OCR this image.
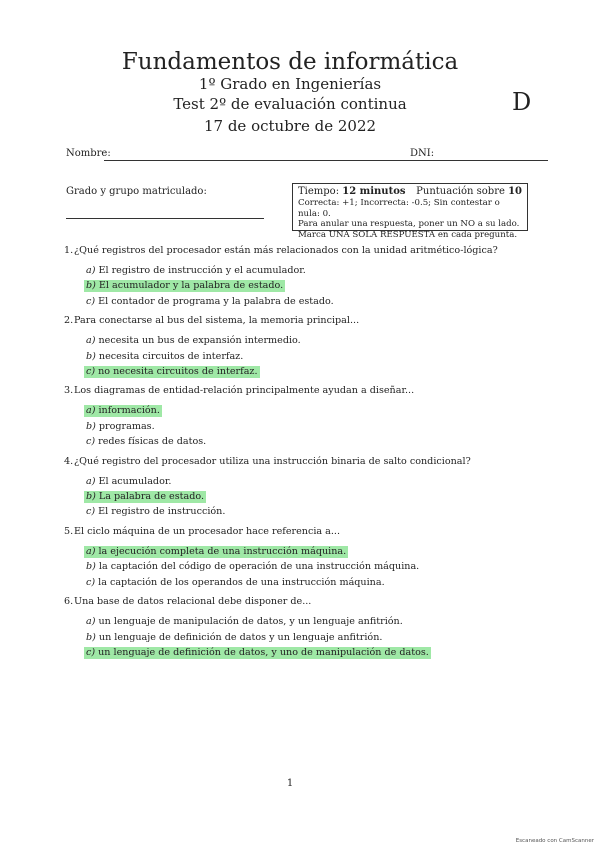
Fundamentos de informática
1º Grado en Ingenierías
Test 2º de evaluación continua
17 de octubre de 2022
D
Nombre:	DNI:
Grado y grupo matriculado:	Tiempo: 12 minutos Puntuación sobre 10
Correcta: +1; Incorrecta: -0.5; Sin contestar o nula: 0.
Para anular una respuesta, poner un NO a su lado.
Marca UNA SOLA RESPUESTA en cada pregunta.
1. ¿Qué registros del procesador están más relacionados con la unidad aritmético-lógica?
a) El registro de instrucción y el acumulador.
b) El acumulador y la palabra de estado.
c) El contador de programa y la palabra de estado.
2. Para conectarse al bus del sistema, la memoria principal...
a) necesita un bus de expansión intermedio.
b) necesita circuitos de interfaz.
c) no necesita circuitos de interfaz.
3. Los diagramas de entidad-relación principalmente ayudan a diseñar...
a) información.
b) programas.
c) redes físicas de datos.
4. ¿Qué registro del procesador utiliza una instrucción binaria de salto condicional?
a) El acumulador.
b) La palabra de estado.
c) El registro de instrucción.
5. El ciclo máquina de un procesador hace referencia a...
a) la ejecución completa de una instrucción máquina.
b) la captación del código de operación de una instrucción máquina.
c) la captación de los operandos de una instrucción máquina.
6. Una base de datos relacional debe disponer de...
a) un lenguaje de manipulación de datos, y un lenguaje anfitrión.
b) un lenguaje de definición de datos y un lenguaje anfitrión.
c) un lenguaje de definición de datos, y uno de manipulación de datos.
1
Escaneado con CamScanner
